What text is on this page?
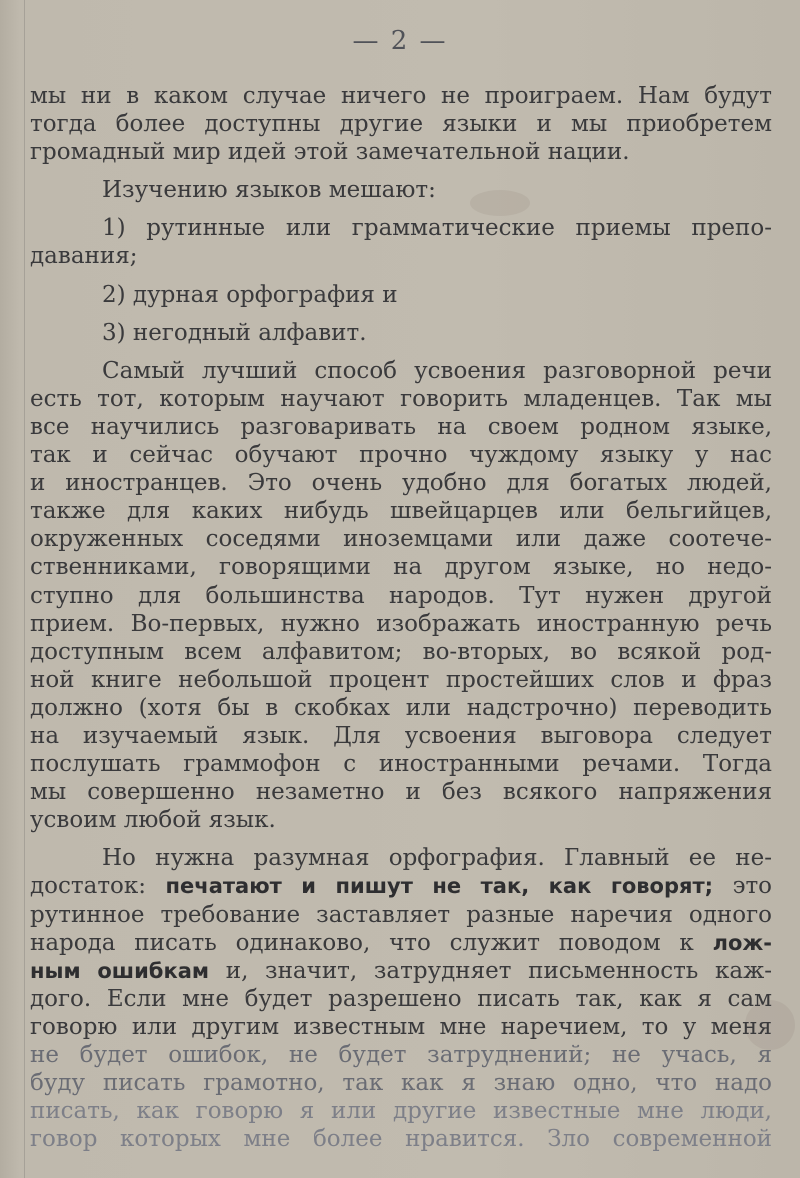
— 2 —
мы ни в каком случае ничего не проиграем. Нам будут
тогда более доступны другие языки и мы приобретем
громадный мир идей этой замечательной нации.
Изучению языков мешают:
1) рутинные или грамматические приемы препо-
давания;
2) дурная орфография и
3) негодный алфавит.
Самый лучший способ усвоения разговорной речи
есть тот, которым научают говорить младенцев. Так мы
все научились разговаривать на своем родном языке,
так и сейчас обучают прочно чуждому языку у нас
и иностранцев. Это очень удобно для богатых людей,
также для каких нибудь швейцарцев или бельгийцев,
окруженных соседями иноземцами или даже соотече-
ственниками, говорящими на другом языке, но недо-
ступно для большинства народов. Тут нужен другой
прием. Во-первых, нужно изображать иностранную речь
доступным всем алфавитом; во-вторых, во всякой род-
ной книге небольшой процент простейших слов и фраз
должно (хотя бы в скобках или надстрочно) переводить
на изучаемый язык. Для усвоения выговора следует
послушать граммофон с иностранными речами. Тогда
мы совершенно незаметно и без всякого напряжения
усвоим любой язык.
Но нужна разумная орфография. Главный ее не-
достаток: печатают и пишут не так, как говорят; это
рутинное требование заставляет разные наречия одного
народа писать одинаково, что служит поводом к лож-
ным ошибкам и, значит, затрудняет письменность каж-
дого. Если мне будет разрешено писать так, как я сам
говорю или другим известным мне наречием, то у меня
не будет ошибок, не будет затруднений; не учась, я
буду писать грамотно, так как я знаю одно, что надо
писать, как говорю я или другие известные мне люди,
говор которых мне более нравится. Зло современной
